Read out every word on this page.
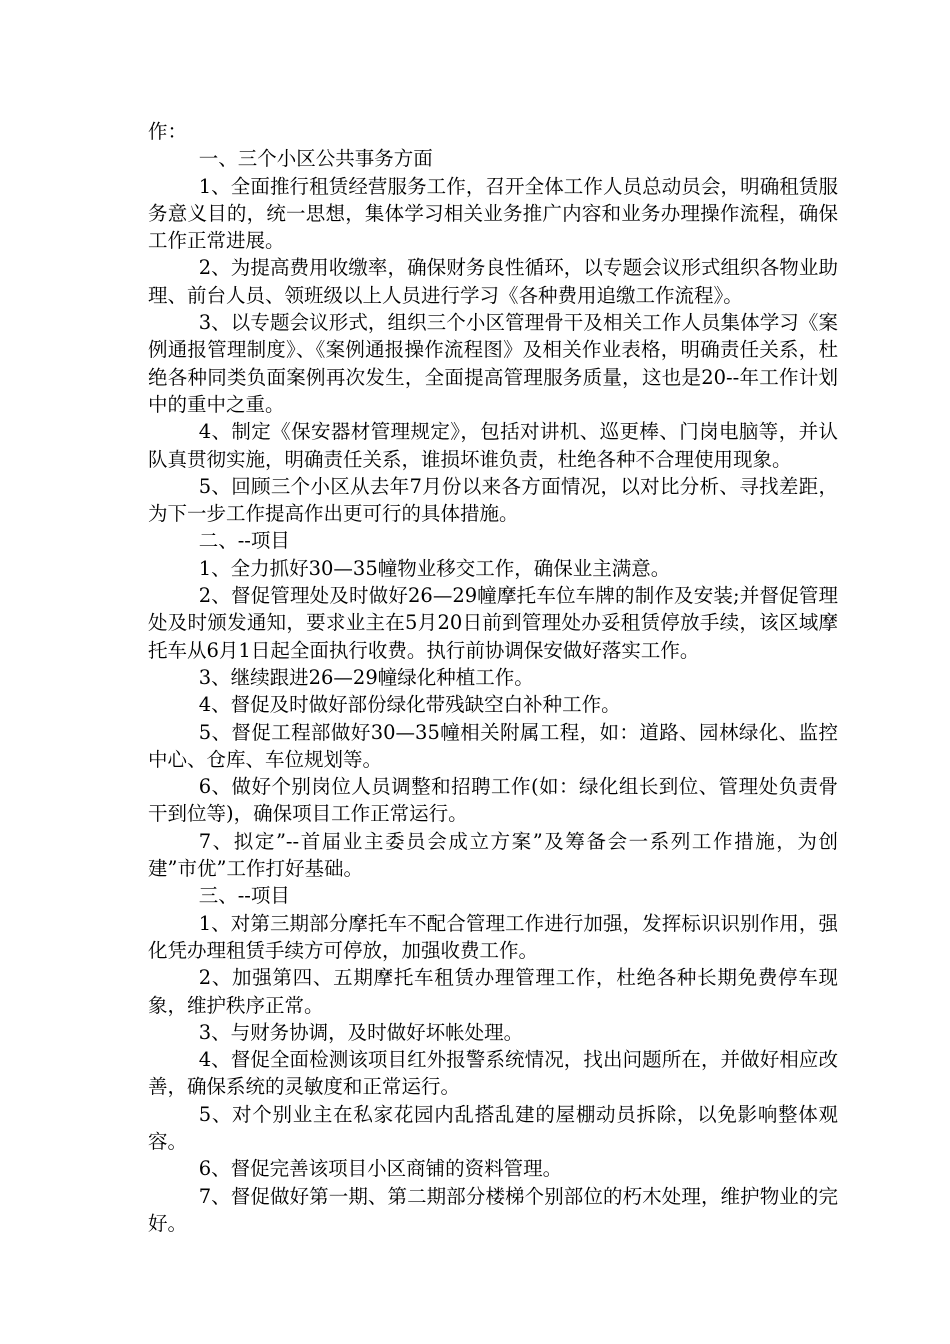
作：

一、三个小区公共事务方面

1、全面推行租赁经营服务工作，召开全体工作人员总动员会，明确租赁服务意义目的，统一思想，集体学习相关业务推广内容和业务办理操作流程，确保工作正常进展。

2、为提高费用收缴率，确保财务良性循环，以专题会议形式组织各物业助理、前台人员、领班级以上人员进行学习《各种费用追缴工作流程》。

3、以专题会议形式，组织三个小区管理骨干及相关工作人员集体学习《案例通报管理制度》、《案例通报操作流程图》及相关作业表格，明确责任关系，杜绝各种同类负面案例再次发生，全面提高管理服务质量，这也是20--年工作计划中的重中之重。

4、制定《保安器材管理规定》，包括对讲机、巡更棒、门岗电脑等，并认队真贯彻实施，明确责任关系，谁损坏谁负责，杜绝各种不合理使用现象。

5、回顾三个小区从去年7月份以来各方面情况，以对比分析、寻找差距，为下一步工作提高作出更可行的具体措施。

二、--项目

1、全力抓好30—35幢物业移交工作，确保业主满意。

2、督促管理处及时做好26—29幢摩托车位车牌的制作及安装;并督促管理处及时颁发通知，要求业主在5月20日前到管理处办妥租赁停放手续，该区域摩托车从6月1日起全面执行收费。执行前协调保安做好落实工作。

3、继续跟进26—29幢绿化种植工作。

4、督促及时做好部份绿化带残缺空白补种工作。

5、督促工程部做好30—35幢相关附属工程，如：道路、园林绿化、监控中心、仓库、车位规划等。

6、做好个别岗位人员调整和招聘工作(如：绿化组长到位、管理处负责骨干到位等)，确保项目工作正常运行。

7、拟定”--首届业主委员会成立方案”及筹备会一系列工作措施，为创建”市优”工作打好基础。

三、--项目

1、对第三期部分摩托车不配合管理工作进行加强，发挥标识识别作用，强化凭办理租赁手续方可停放，加强收费工作。

2、加强第四、五期摩托车租赁办理管理工作，杜绝各种长期免费停车现象，维护秩序正常。

3、与财务协调，及时做好坏帐处理。

4、督促全面检测该项目红外报警系统情况，找出问题所在，并做好相应改善，确保系统的灵敏度和正常运行。

5、对个别业主在私家花园内乱搭乱建的屋棚动员拆除，以免影响整体观容。

6、督促完善该项目小区商铺的资料管理。

7、督促做好第一期、第二期部分楼梯个别部位的朽木处理，维护物业的完好。
